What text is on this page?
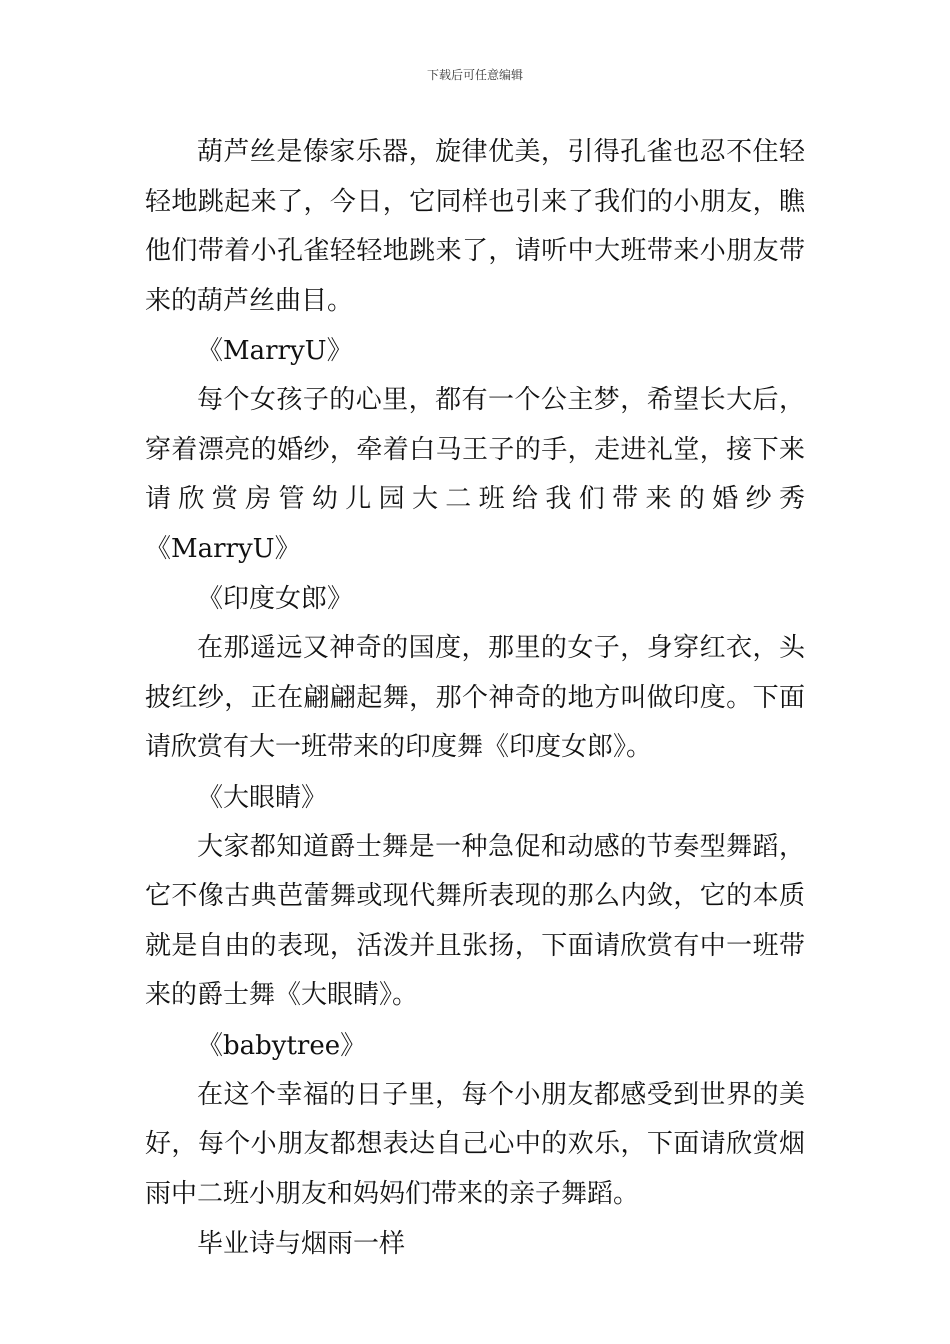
下载后可任意编辑

葫芦丝是傣家乐器，旋律优美，引得孔雀也忍不住轻轻地跳起来了，今日，它同样也引来了我们的小朋友，瞧他们带着小孔雀轻轻地跳来了，请听中大班带来小朋友带来的葫芦丝曲目。

《MarryU》

每个女孩子的心里，都有一个公主梦，希望长大后，穿着漂亮的婚纱，牵着白马王子的手，走进礼堂，接下来请欣赏房管幼儿园大二班给我们带来的婚纱秀《MarryU》

《印度女郎》

在那遥远又神奇的国度，那里的女子，身穿红衣，头披红纱，正在翩翩起舞，那个神奇的地方叫做印度。下面请欣赏有大一班带来的印度舞《印度女郎》。

《大眼睛》

大家都知道爵士舞是一种急促和动感的节奏型舞蹈，它不像古典芭蕾舞或现代舞所表现的那么内敛，它的本质就是自由的表现，活泼并且张扬，下面请欣赏有中一班带来的爵士舞《大眼睛》。

《babytree》

在这个幸福的日子里，每个小朋友都感受到世界的美好，每个小朋友都想表达自己心中的欢乐，下面请欣赏烟雨中二班小朋友和妈妈们带来的亲子舞蹈。

毕业诗与烟雨一样
